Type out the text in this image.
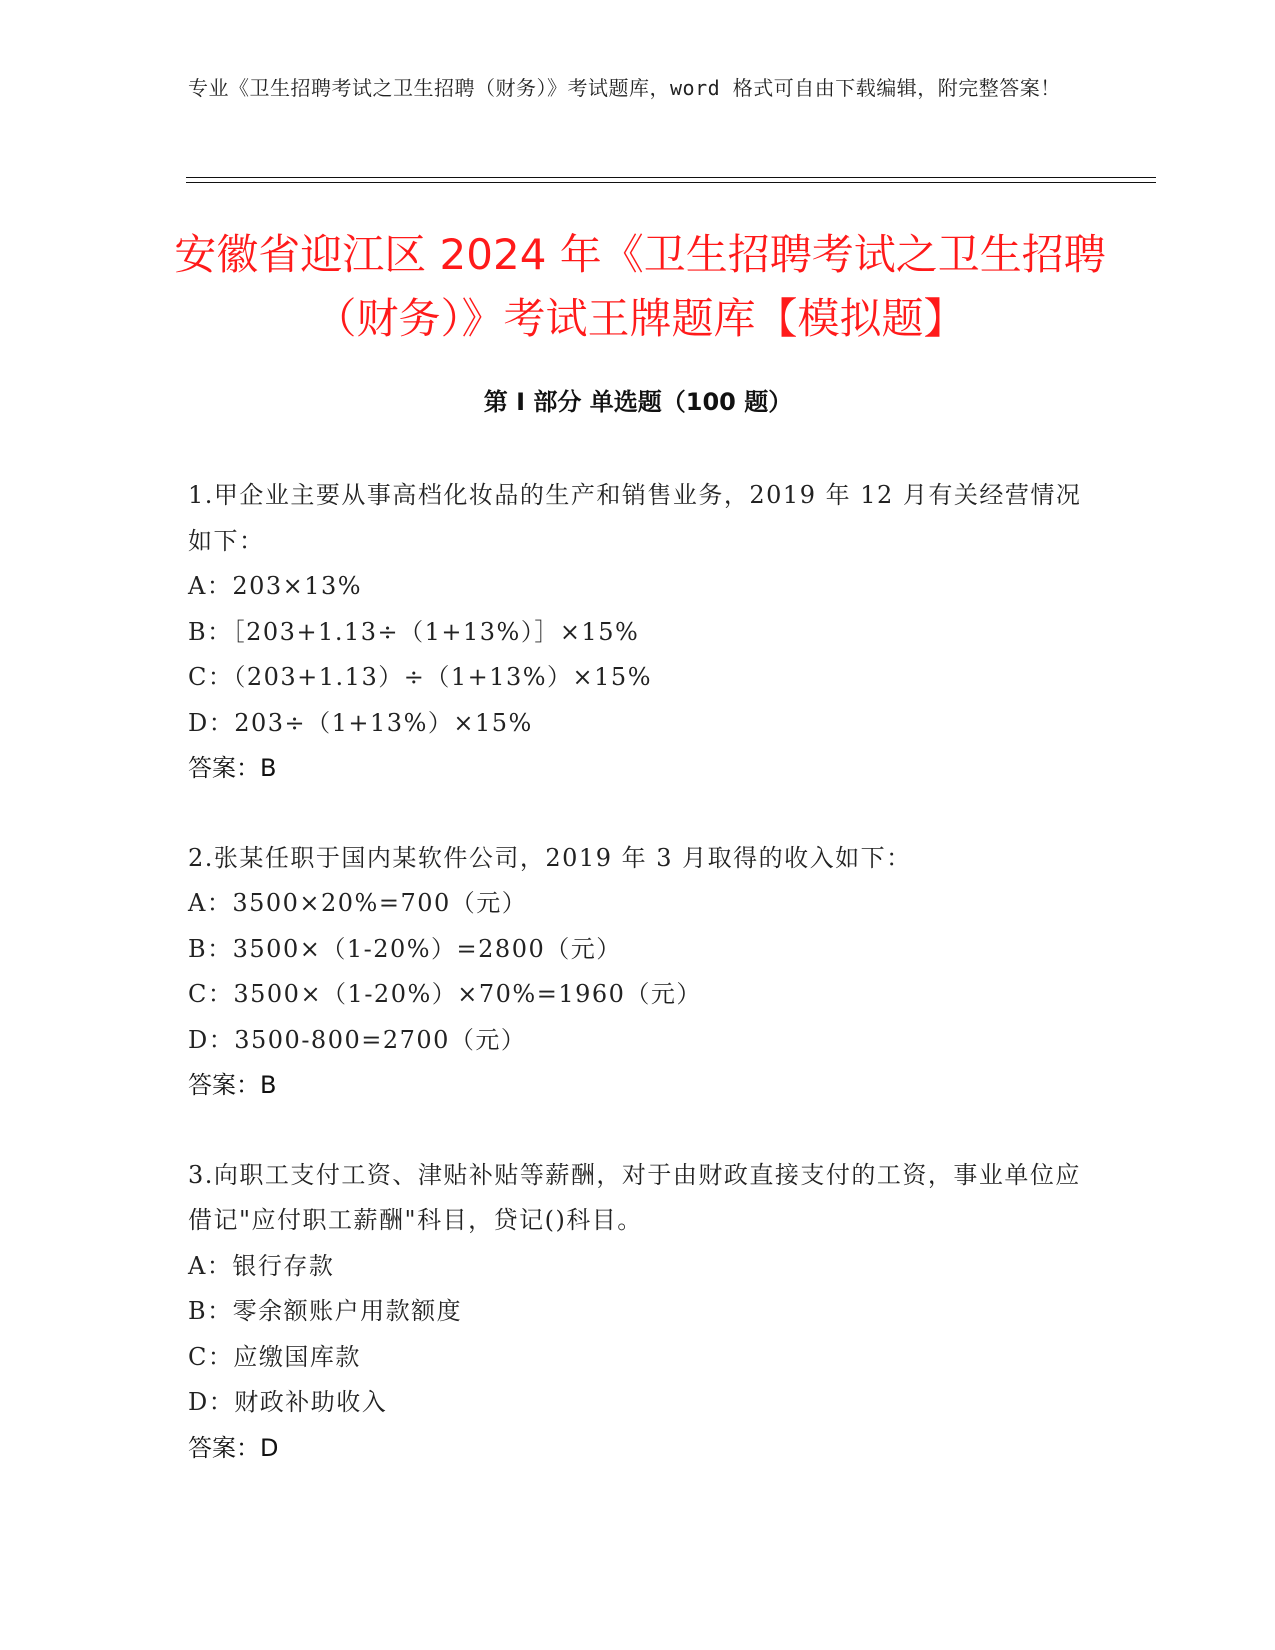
专业《卫生招聘考试之卫生招聘（财务）》考试题库，word 格式可自由下载编辑，附完整答案！
安徽省迎江区 2024 年《卫生招聘考试之卫生招聘（财务）》考试王牌题库【模拟题】
第 I 部分 单选题（100 题）
1.甲企业主要从事高档化妆品的生产和销售业务，2019 年 12 月有关经营情况如下：
A：203×13%
B：［203+1.13÷（1+13%）］×15%
C：（203+1.13）÷（1+13%）×15%
D：203÷（1+13%）×15%
答案：B
2.张某任职于国内某软件公司，2019 年 3 月取得的收入如下：
A：3500×20%=700（元）
B：3500×（1-20%）=2800（元）
C：3500×（1-20%）×70%=1960（元）
D：3500-800=2700（元）
答案：B
3.向职工支付工资、津贴补贴等薪酬，对于由财政直接支付的工资，事业单位应借记"应付职工薪酬"科目，贷记()科目。
A：银行存款
B：零余额账户用款额度
C：应缴国库款
D：财政补助收入
答案：D
